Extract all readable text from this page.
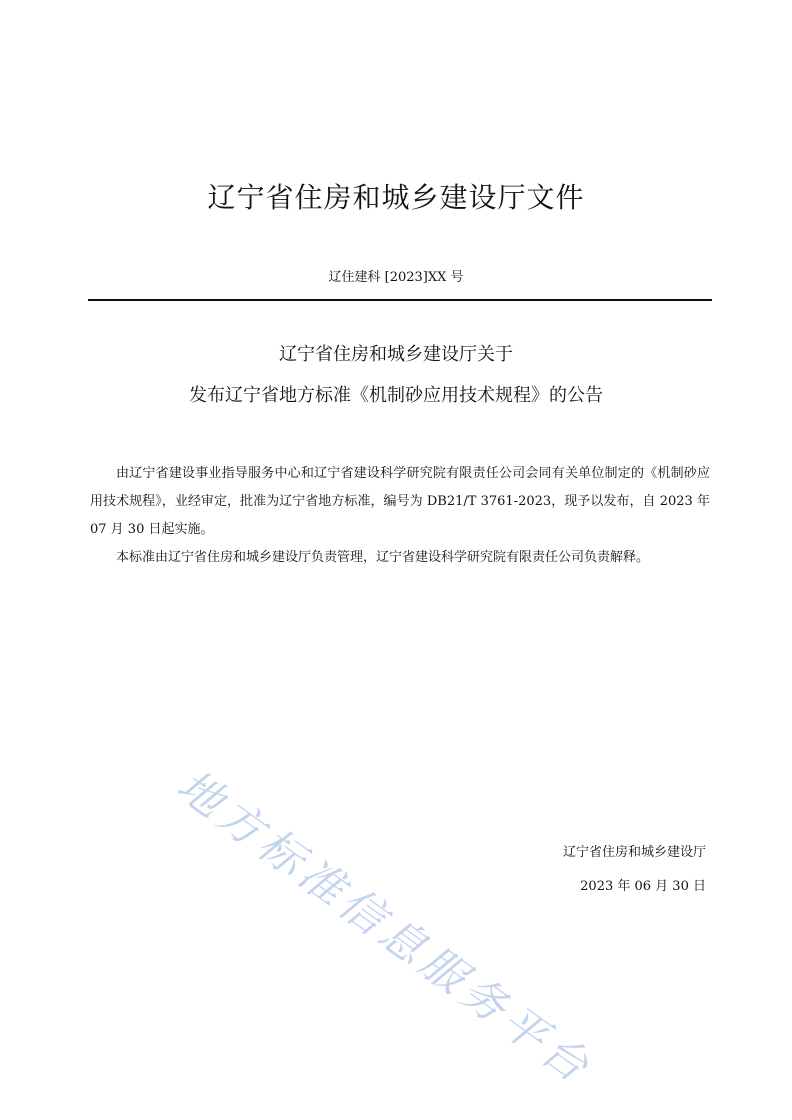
辽宁省住房和城乡建设厅文件
辽住建科 [2023]XX 号
辽宁省住房和城乡建设厅关于
发布辽宁省地方标准《机制砂应用技术规程》的公告

由辽宁省建设事业指导服务中心和辽宁省建设科学研究院有限责任公司会同有关单位制定的《机制砂应用技术规程》，业经审定，批准为辽宁省地方标准，编号为 DB21/T 3761-2023，现予以发布，自 2023 年 07 月 30 日起实施。

本标准由辽宁省住房和城乡建设厅负责管理，辽宁省建设科学研究院有限责任公司负责解释。

地方标准信息服务平台
辽宁省住房和城乡建设厅
2023 年 06 月 30 日
